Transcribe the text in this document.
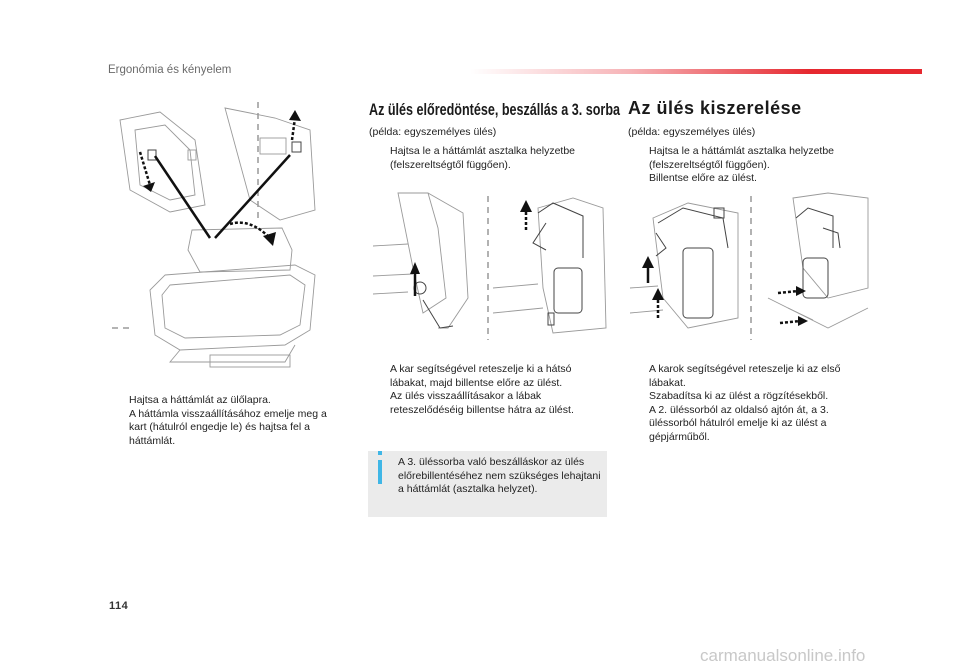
Ergonómia és kényelem
Hajtsa a háttámlát az ülőlapra.
A háttámla visszaállításához emelje meg a kart (hátulról engedje le) és hajtsa fel a háttámlát.
Az ülés előredöntése, beszállás a 3. sorba
(példa: egyszemélyes ülés)
Hajtsa le a háttámlát asztalka helyzetbe (felszereltségtől függően).
A kar segítségével reteszelje ki a hátsó lábakat, majd billentse előre az ülést.
Az ülés visszaállításakor a lábak reteszelődéséig billentse hátra az ülést.
A 3. üléssorba való beszálláskor az ülés előrebillentéséhez nem szükséges lehajtani a háttámlát (asztalka helyzet).
Az ülés kiszerelése
(példa: egyszemélyes ülés)
Hajtsa le a háttámlát asztalka helyzetbe (felszereltségtől függően).
Billentse előre az ülést.
A karok segítségével reteszelje ki az első lábakat.
Szabadítsa ki az ülést a rögzítésekből.
A 2. üléssorból az oldalsó ajtón át, a 3. üléssorból hátulról emelje ki az ülést a gépjárműből.
114
carmanualsonline.info
